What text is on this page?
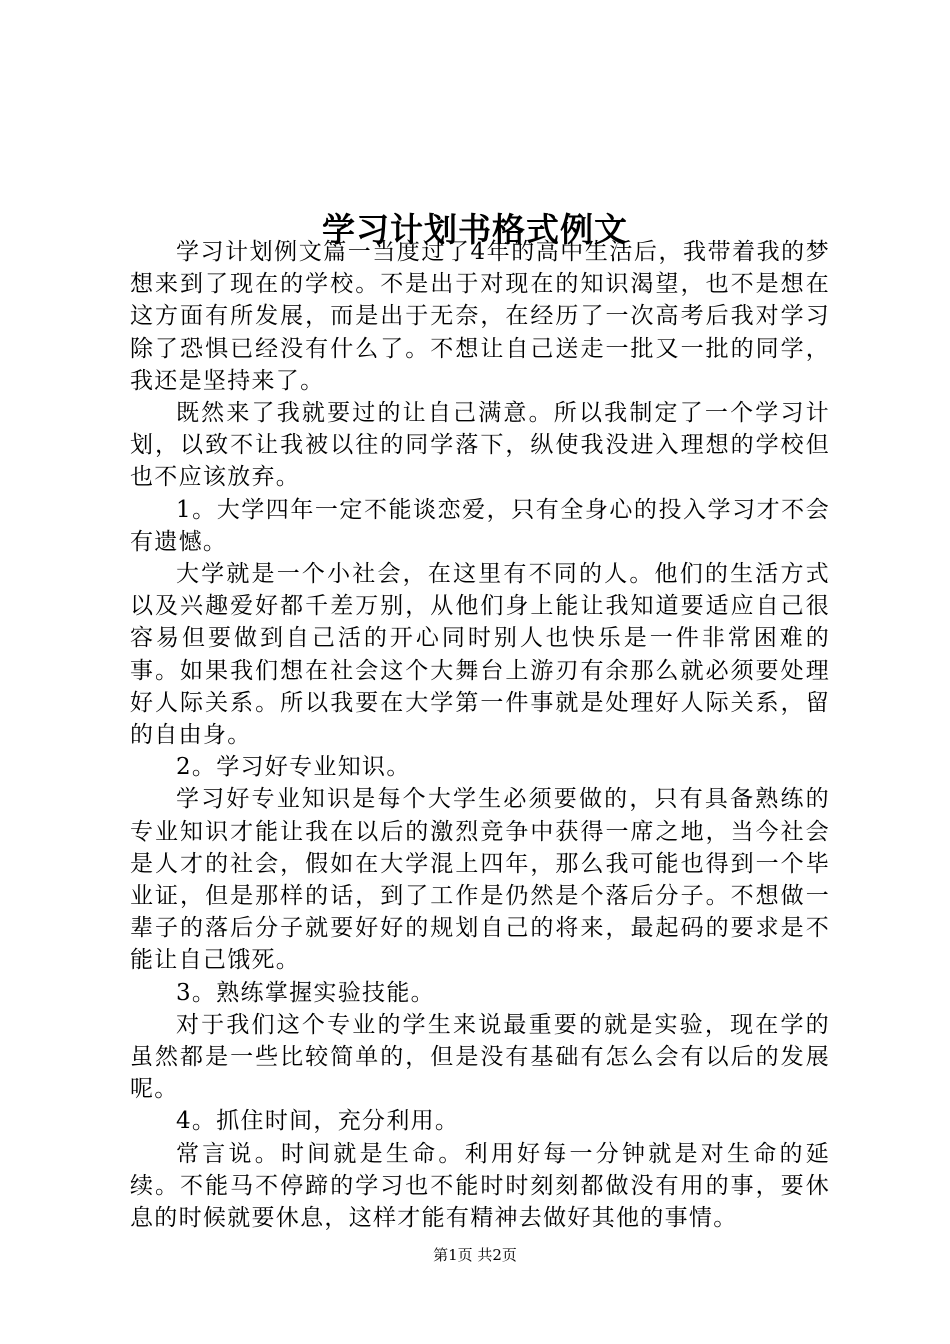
学习计划书格式例文

学习计划例文篇一当度过了4年的高中生活后，我带着我的梦想来到了现在的学校。不是出于对现在的知识渴望，也不是想在这方面有所发展，而是出于无奈，在经历了一次高考后我对学习除了恐惧已经没有什么了。不想让自己送走一批又一批的同学，我还是坚持来了。

既然来了我就要过的让自己满意。所以我制定了一个学习计划，以致不让我被以往的同学落下，纵使我没进入理想的学校但也不应该放弃。

1。大学四年一定不能谈恋爱，只有全身心的投入学习才不会有遗憾。

大学就是一个小社会，在这里有不同的人。他们的生活方式以及兴趣爱好都千差万别，从他们身上能让我知道要适应自己很容易但要做到自己活的开心同时别人也快乐是一件非常困难的事。如果我们想在社会这个大舞台上游刃有余那么就必须要处理好人际关系。所以我要在大学第一件事就是处理好人际关系，留的自由身。

2。学习好专业知识。

学习好专业知识是每个大学生必须要做的，只有具备熟练的专业知识才能让我在以后的激烈竞争中获得一席之地，当今社会是人才的社会，假如在大学混上四年，那么我可能也得到一个毕业证，但是那样的话，到了工作是仍然是个落后分子。不想做一辈子的落后分子就要好好的规划自己的将来，最起码的要求是不能让自己饿死。

3。熟练掌握实验技能。

对于我们这个专业的学生来说最重要的就是实验，现在学的虽然都是一些比较简单的，但是没有基础有怎么会有以后的发展呢。

4。抓住时间，充分利用。

常言说。时间就是生命。利用好每一分钟就是对生命的延续。不能马不停蹄的学习也不能时时刻刻都做没有用的事，要休息的时候就要休息，这样才能有精神去做好其他的事情。

第1页 共2页
